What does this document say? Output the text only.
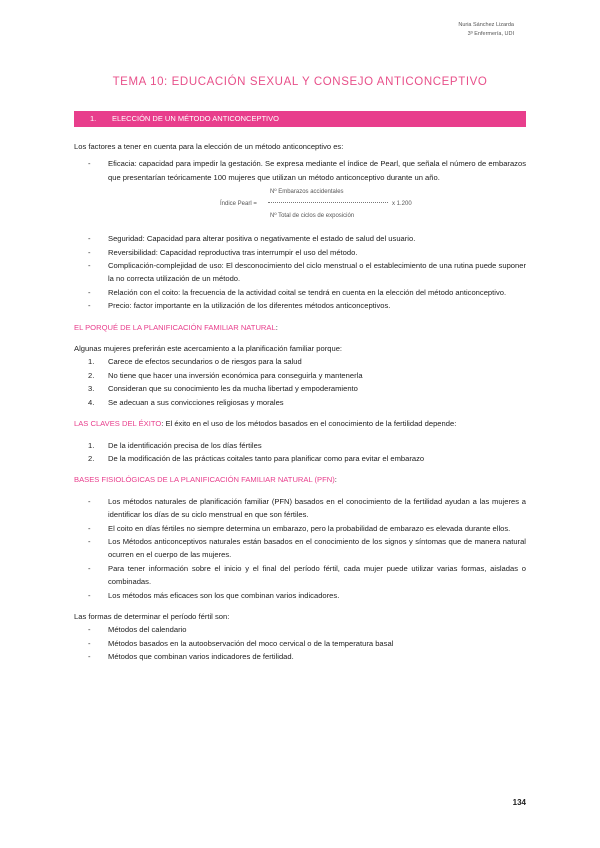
Nuria Sánchez Lizarda
3º Enfermería, UDI
TEMA 10: EDUCACIÓN SEXUAL Y CONSEJO ANTICONCEPTIVO
1. ELECCIÓN DE UN MÉTODO ANTICONCEPTIVO

Los factores a tener en cuenta para la elección de un método anticonceptivo es:

- Eficacia: capacidad para impedir la gestación. Se expresa mediante el índice de Pearl, que señala el número de embarazos que presentarían teóricamente 100 mujeres que utilizan un método anticonceptivo durante un año.
Nº Embarazos accidentales
Índice Pearl =	x 1.200
Nº Total de ciclos de exposición
- Seguridad: Capacidad para alterar positiva o negativamente el estado de salud del usuario.
- Reversibilidad: Capacidad reproductiva tras interrumpir el uso del método.
- Complicación-complejidad de uso: El desconocimiento del ciclo menstrual o el establecimiento de una rutina puede suponer la no correcta utilización de un método.
- Relación con el coito: la frecuencia de la actividad coital se tendrá en cuenta en la elección del método anticonceptivo.
- Precio: factor importante en la utilización de los diferentes métodos anticonceptivos.

EL PORQUÉ DE LA PLANIFICACIÓN FAMILIAR NATURAL:

Algunas mujeres preferirán este acercamiento a la planificación familiar porque:

1. Carece de efectos secundarios o de riesgos para la salud
2. No tiene que hacer una inversión económica para conseguirla y mantenerla
3. Consideran que su conocimiento les da mucha libertad y empoderamiento
4. Se adecuan a sus convicciones religiosas y morales

LAS CLAVES DEL ÉXITO: El éxito en el uso de los métodos basados en el conocimiento de la fertilidad depende:

1. De la identificación precisa de los días fértiles
2. De la modificación de las prácticas coitales tanto para planificar como para evitar el embarazo

BASES FISIOLÓGICAS DE LA PLANIFICACIÓN FAMILIAR NATURAL (PFN):

- Los métodos naturales de planificación familiar (PFN) basados en el conocimiento de la fertilidad ayudan a las mujeres a identificar los días de su ciclo menstrual en que son fértiles.
- El coito en días fértiles no siempre determina un embarazo, pero la probabilidad de embarazo es elevada durante ellos.
- Los Métodos anticonceptivos naturales están basados en el conocimiento de los signos y síntomas que de manera natural ocurren en el cuerpo de las mujeres.
- Para tener información sobre el inicio y el final del período fértil, cada mujer puede utilizar varias formas, aisladas o combinadas.
- Los métodos más eficaces son los que combinan varios indicadores.

Las formas de determinar el período fértil son:

- Métodos del calendario
- Métodos basados en la autoobservación del moco cervical o de la temperatura basal
- Métodos que combinan varios indicadores de fertilidad.
134
